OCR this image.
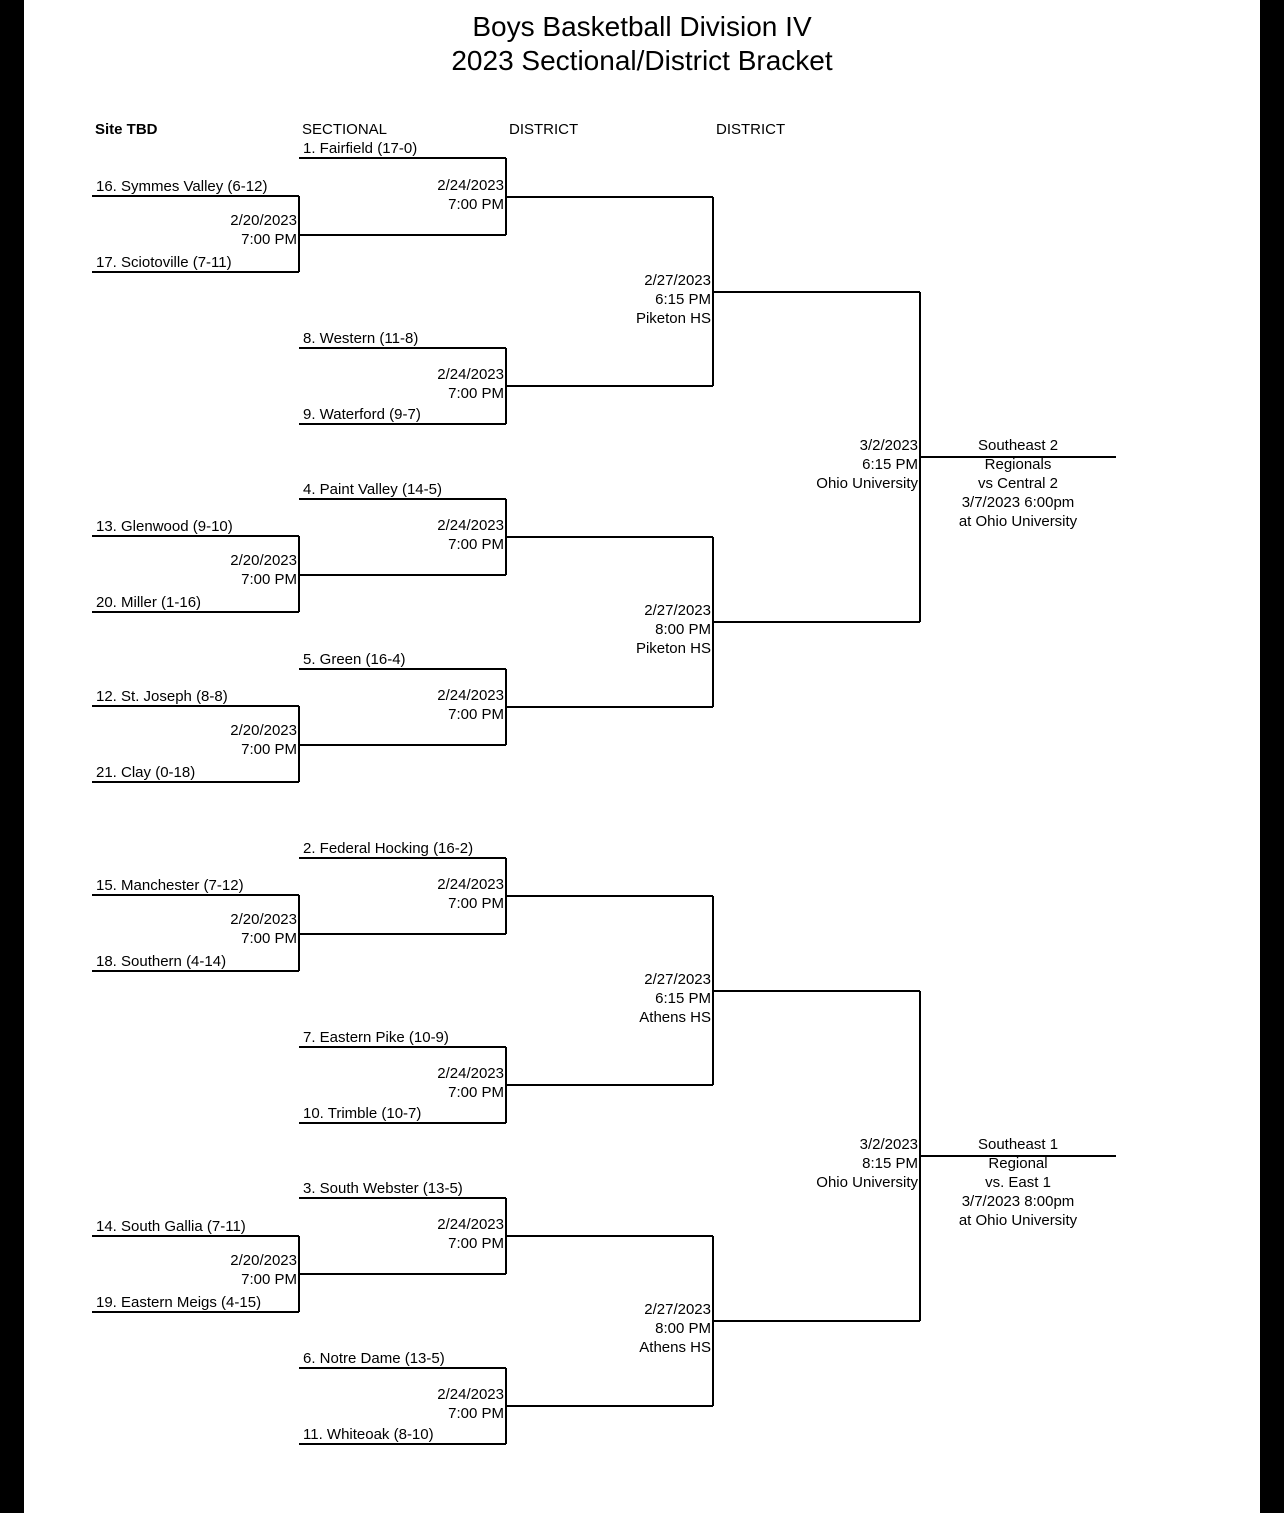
Boys Basketball Division IV
2023 Sectional/District Bracket
Site TBD	SECTIONAL	DISTRICT	DISTRICT
16. Symmes Valley (6-12)
17. Sciotoville (7-11)
2/20/2023
7:00 PM
13. Glenwood (9-10)
20. Miller (1-16)
2/20/2023
7:00 PM
12. St. Joseph (8-8)
21. Clay (0-18)
2/20/2023
7:00 PM
15. Manchester (7-12)
18. Southern (4-14)
2/20/2023
7:00 PM
14. South Gallia (7-11)
19. Eastern Meigs (4-15)
2/20/2023
7:00 PM
1. Fairfield (17-0)
2/24/2023
7:00 PM
8. Western (11-8)
9. Waterford (9-7)
2/24/2023
7:00 PM
4. Paint Valley (14-5)
2/24/2023
7:00 PM
5. Green (16-4)
2/24/2023
7:00 PM
2. Federal Hocking (16-2)
2/24/2023
7:00 PM
7. Eastern Pike (10-9)
10. Trimble (10-7)
2/24/2023
7:00 PM
3. South Webster (13-5)
2/24/2023
7:00 PM
6. Notre Dame (13-5)
11. Whiteoak (8-10)
2/24/2023
7:00 PM
2/27/2023
6:15 PM
Piketon HS
2/27/2023
8:00 PM
Piketon HS
2/27/2023
6:15 PM
Athens HS
2/27/2023
8:00 PM
Athens HS
3/2/2023
6:15 PM
Ohio University
Southeast 2
Regionals
vs Central 2
3/7/2023 6:00pm
at Ohio University
3/2/2023
8:15 PM
Ohio University
Southeast 1
Regional
vs. East 1
3/7/2023 8:00pm
at Ohio University
